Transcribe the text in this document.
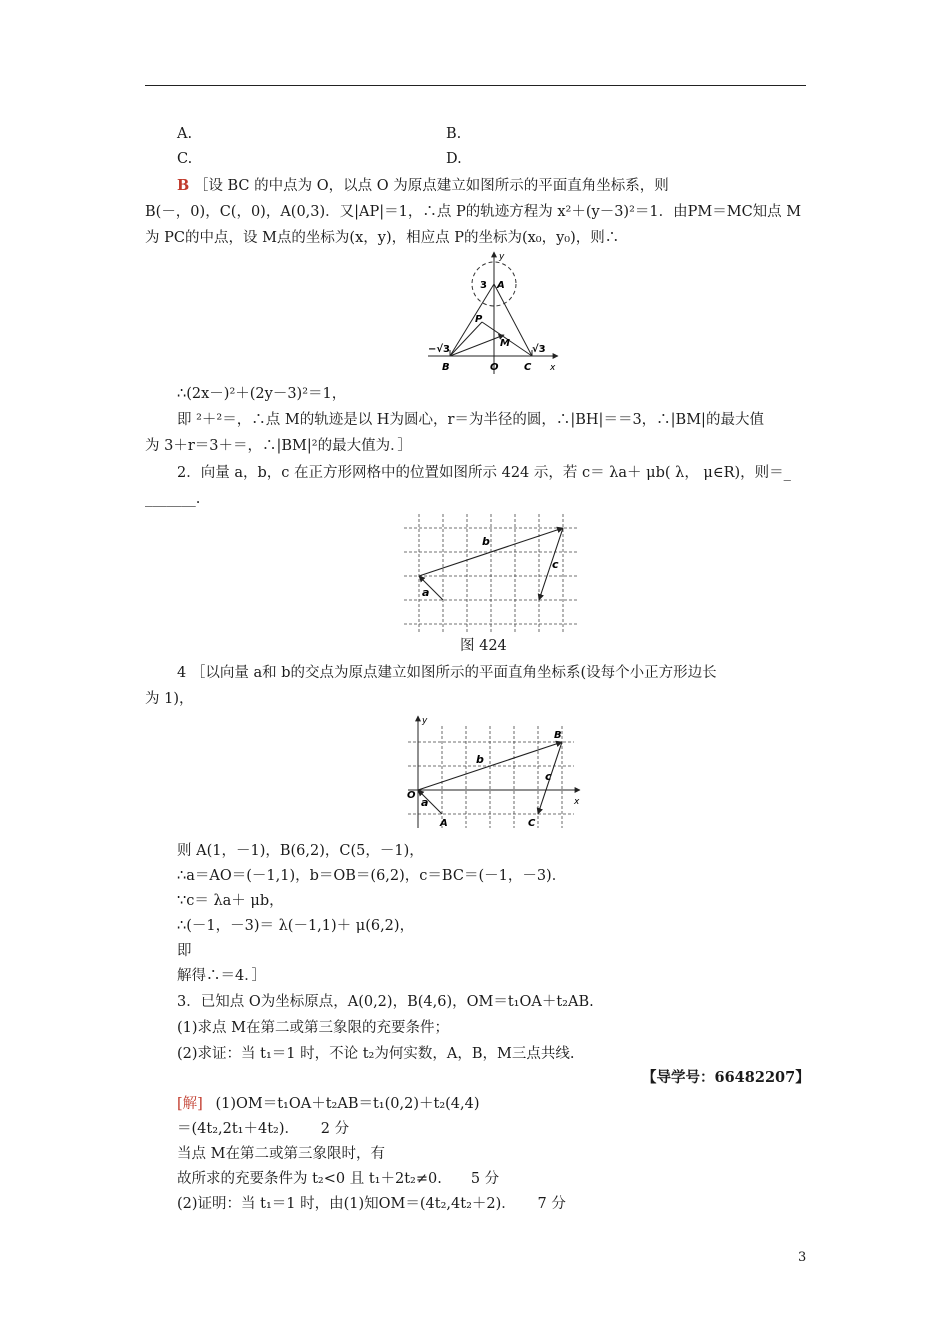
A.	B.
C.	D.
B ［设 BC 的中点为 O，以点 O 为原点建立如图所示的平面直角坐标系，则
B(－，0)，C(，0)，A(0,3)．又|AP|＝1，∴点 P的轨迹方程为 x²＋(y－3)²＝1．由PM＝MC知点 M
为 PC的中点，设 M点的坐标为(x，y)，相应点 P的坐标为(x₀，y₀)，则∴
y
3 A
P
M
−√3	√3
B	O	C x
∴(2x－)²＋(2y－3)²＝1，
即 ²＋²＝，∴点 M的轨迹是以 H为圆心，r＝为半径的圆，∴|BH|＝＝3，∴|BM|的最大值
为 3＋r＝3＋＝，∴|BM|²的最大值为．］
2．向量 a，b，c 在正方形网格中的位置如图所示 424 示，若 c＝ λa＋ μb( λ， μ∈R)，则＝_
_______.
a
b
c
图 424
4 ［以向量 a和 b的交点为原点建立如图所示的平面直角坐标系(设每个小正方形边长
为 1)，
y
B
b
c
O
a	x
A	C
则 A(1，－1)，B(6,2)，C(5，－1)，
∴a＝AO＝(－1,1)，b＝OB＝(6,2)，c＝BC＝(－1，－3)．
∵c＝ λa＋ μb，
∴(－1，－3)＝ λ(－1,1)＋ μ(6,2)，
即
解得∴＝4．］
3．已知点 O为坐标原点，A(0,2)，B(4,6)，OM＝t₁OA＋t₂AB.
(1)求点 M在第二或第三象限的充要条件；
(2)求证：当 t₁＝1 时，不论 t₂为何实数，A，B，M三点共线.
【导学号：66482207】
[解] (1)OM＝t₁OA＋t₂AB＝t₁(0,2)＋t₂(4,4)
＝(4t₂,2t₁＋4t₂)．　　2 分
当点 M在第二或第三象限时，有
故所求的充要条件为 t₂<0 且 t₁＋2t₂≠0.　　5 分
(2)证明：当 t₁＝1 时，由(1)知OM＝(4t₂,4t₂＋2)．　　7 分
3
